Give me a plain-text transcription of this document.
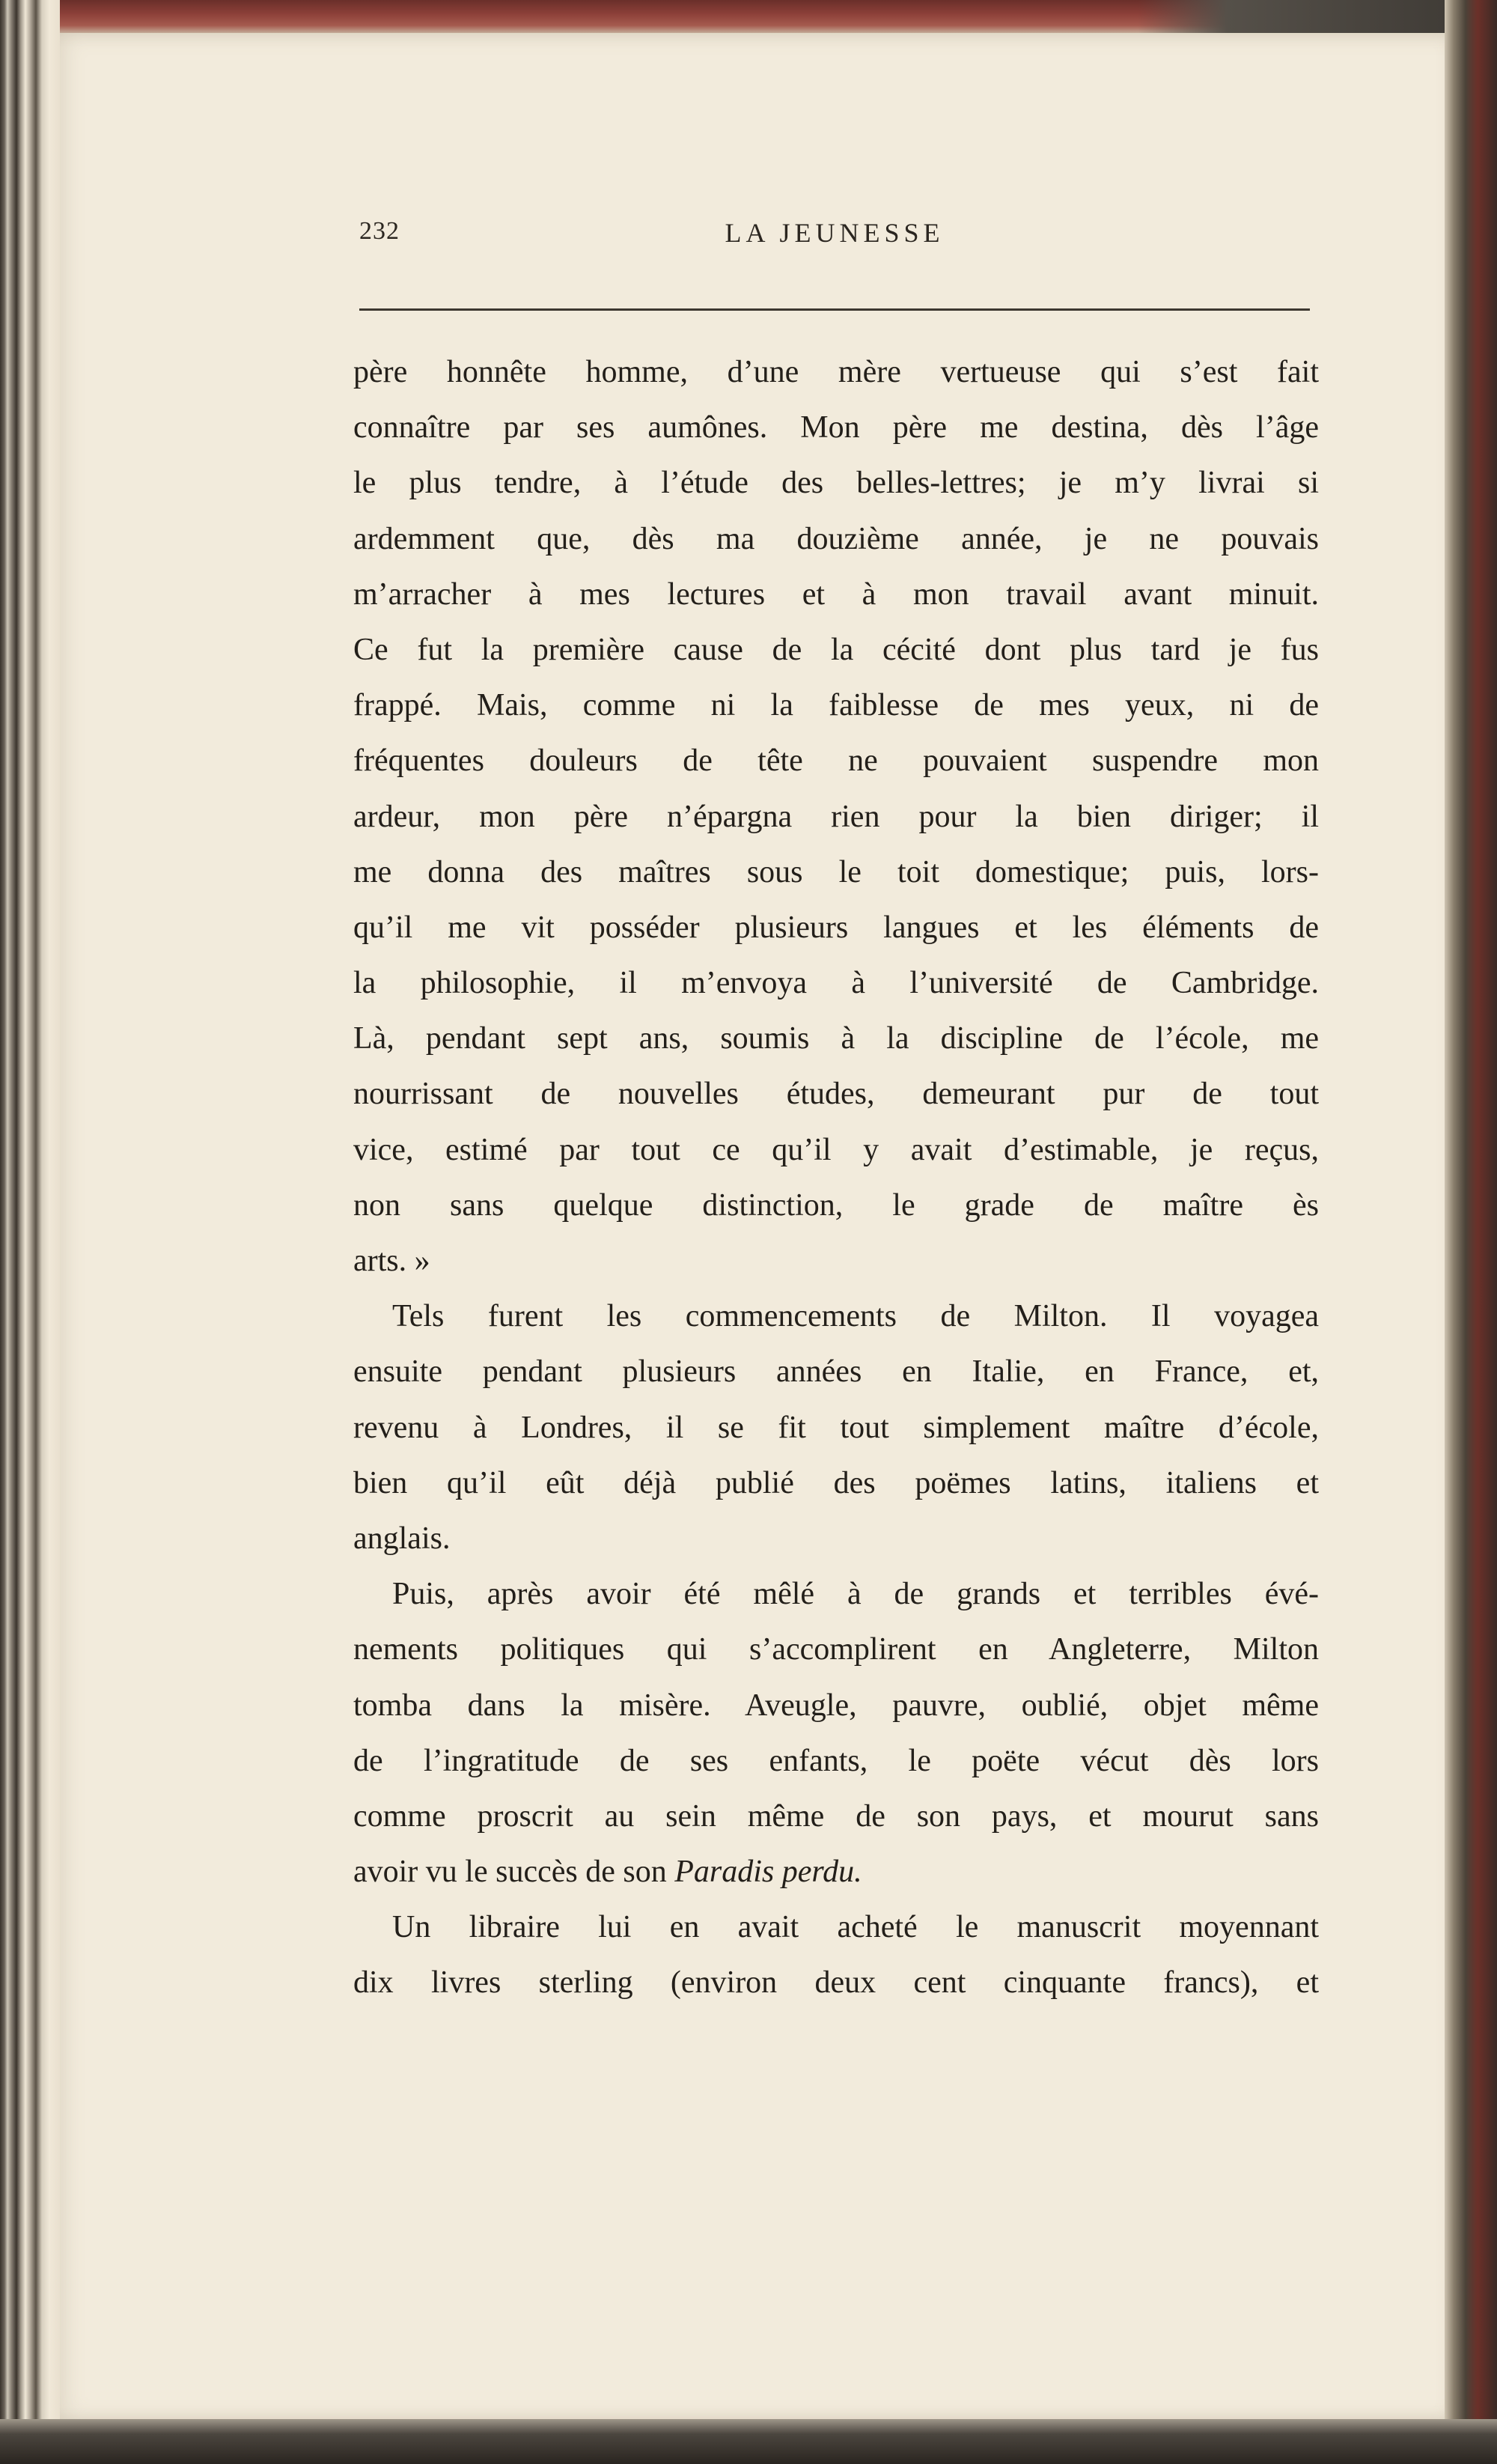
232	LA JEUNESSE
père honnête homme, d’une mère vertueuse qui s’est fait
connaître par ses aumônes. Mon père me destina, dès l’âge
le plus tendre, à l’étude des belles-lettres; je m’y livrai si
ardemment que, dès ma douzième année, je ne pouvais
m’arracher à mes lectures et à mon travail avant minuit.
Ce fut la première cause de la cécité dont plus tard je fus
frappé. Mais, comme ni la faiblesse de mes yeux, ni de
fréquentes douleurs de tête ne pouvaient suspendre mon
ardeur, mon père n’épargna rien pour la bien diriger; il
me donna des maîtres sous le toit domestique; puis, lors-
qu’il me vit posséder plusieurs langues et les éléments de
la philosophie, il m’envoya à l’université de Cambridge.
Là, pendant sept ans, soumis à la discipline de l’école, me
nourrissant de nouvelles études, demeurant pur de tout
vice, estimé par tout ce qu’il y avait d’estimable, je reçus,
non sans quelque distinction, le grade de maître ès
arts. »
Tels furent les commencements de Milton. Il voyagea
ensuite pendant plusieurs années en Italie, en France, et,
revenu à Londres, il se fit tout simplement maître d’école,
bien qu’il eût déjà publié des poëmes latins, italiens et
anglais.
Puis, après avoir été mêlé à de grands et terribles évé-
nements politiques qui s’accomplirent en Angleterre, Milton
tomba dans la misère. Aveugle, pauvre, oublié, objet même
de l’ingratitude de ses enfants, le poëte vécut dès lors
comme proscrit au sein même de son pays, et mourut sans
avoir vu le succès de son Paradis perdu.
Un libraire lui en avait acheté le manuscrit moyennant
dix livres sterling (environ deux cent cinquante francs), et
